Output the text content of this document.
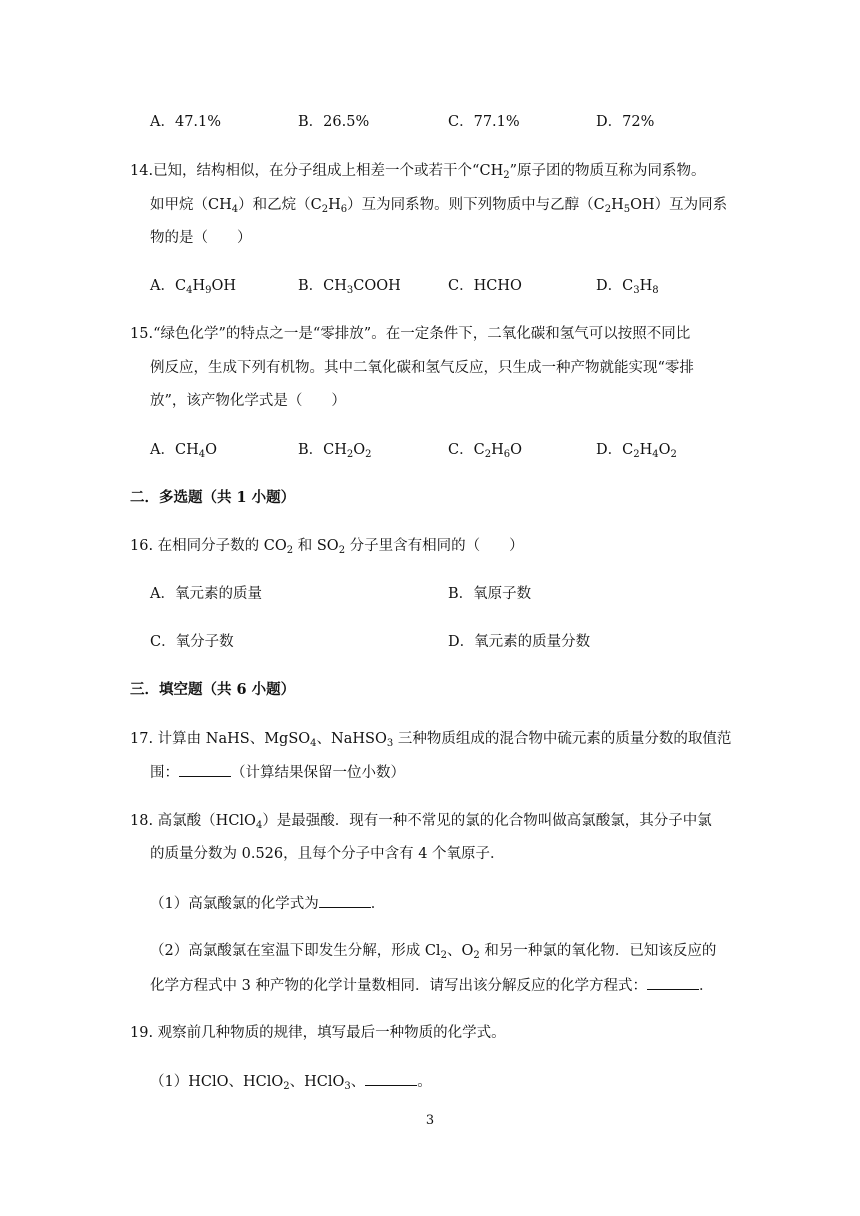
A．47.1%	B．26.5%	C．77.1%	D．72%
14.已知，结构相似，在分子组成上相差一个或若干个“$CH_2$”原子团的物质互称为同系物。
如甲烷$(CH_4)$和乙烷$(C_2H_6)$互为同系物。则下列物质中与乙醇$(C_2H_5OH)$互为同系
物的是（　　）
A．$C_4H_9OH$	B．$CH_3COOH$	C．HCHO	D．$C_3H_8$
15.“绿色化学”的特点之一是“零排放”。在一定条件下，二氧化碳和氢气可以按照不同比
例反应，生成下列有机物。其中二氧化碳和氢气反应，只生成一种产物就能实现“零排
放”，该产物化学式是（　　）
A．$CH_4O$	B．$CH_2O_2$	C．$C_2H_6O$	D．$C_2H_4O_2$
二．多选题（共 1 小题）
16. 在相同分子数的 $CO_2$ 和 $SO_2$ 分子里含有相同的（　　）
A．氧元素的质量	B．氧原子数
C．氧分子数	D．氧元素的质量分数
三．填空题（共 6 小题）
17. 计算由 NaHS、MgSO$_4$、NaHSO$_3$ 三种物质组成的混合物中硫元素的质量分数的取值范
围：	（计算结果保留一位小数）
18. 高氯酸（HClO$_4$）是最强酸．现有一种不常见的氯的化合物叫做高氯酸氯，其分子中氯
的质量分数为 0.526，且每个分子中含有 4 个氧原子．
（1）高氯酸氯的化学式为	．
（2）高氯酸氯在室温下即发生分解，形成 $Cl_2$、$O_2$ 和另一种氯的氧化物．已知该反应的
化学方程式中 3 种产物的化学计量数相同．请写出该分解反应的化学方程式：	．
19. 观察前几种物质的规律，填写最后一种物质的化学式。
（1）HClO、HClO$_2$、HClO$_3$、	。
3
